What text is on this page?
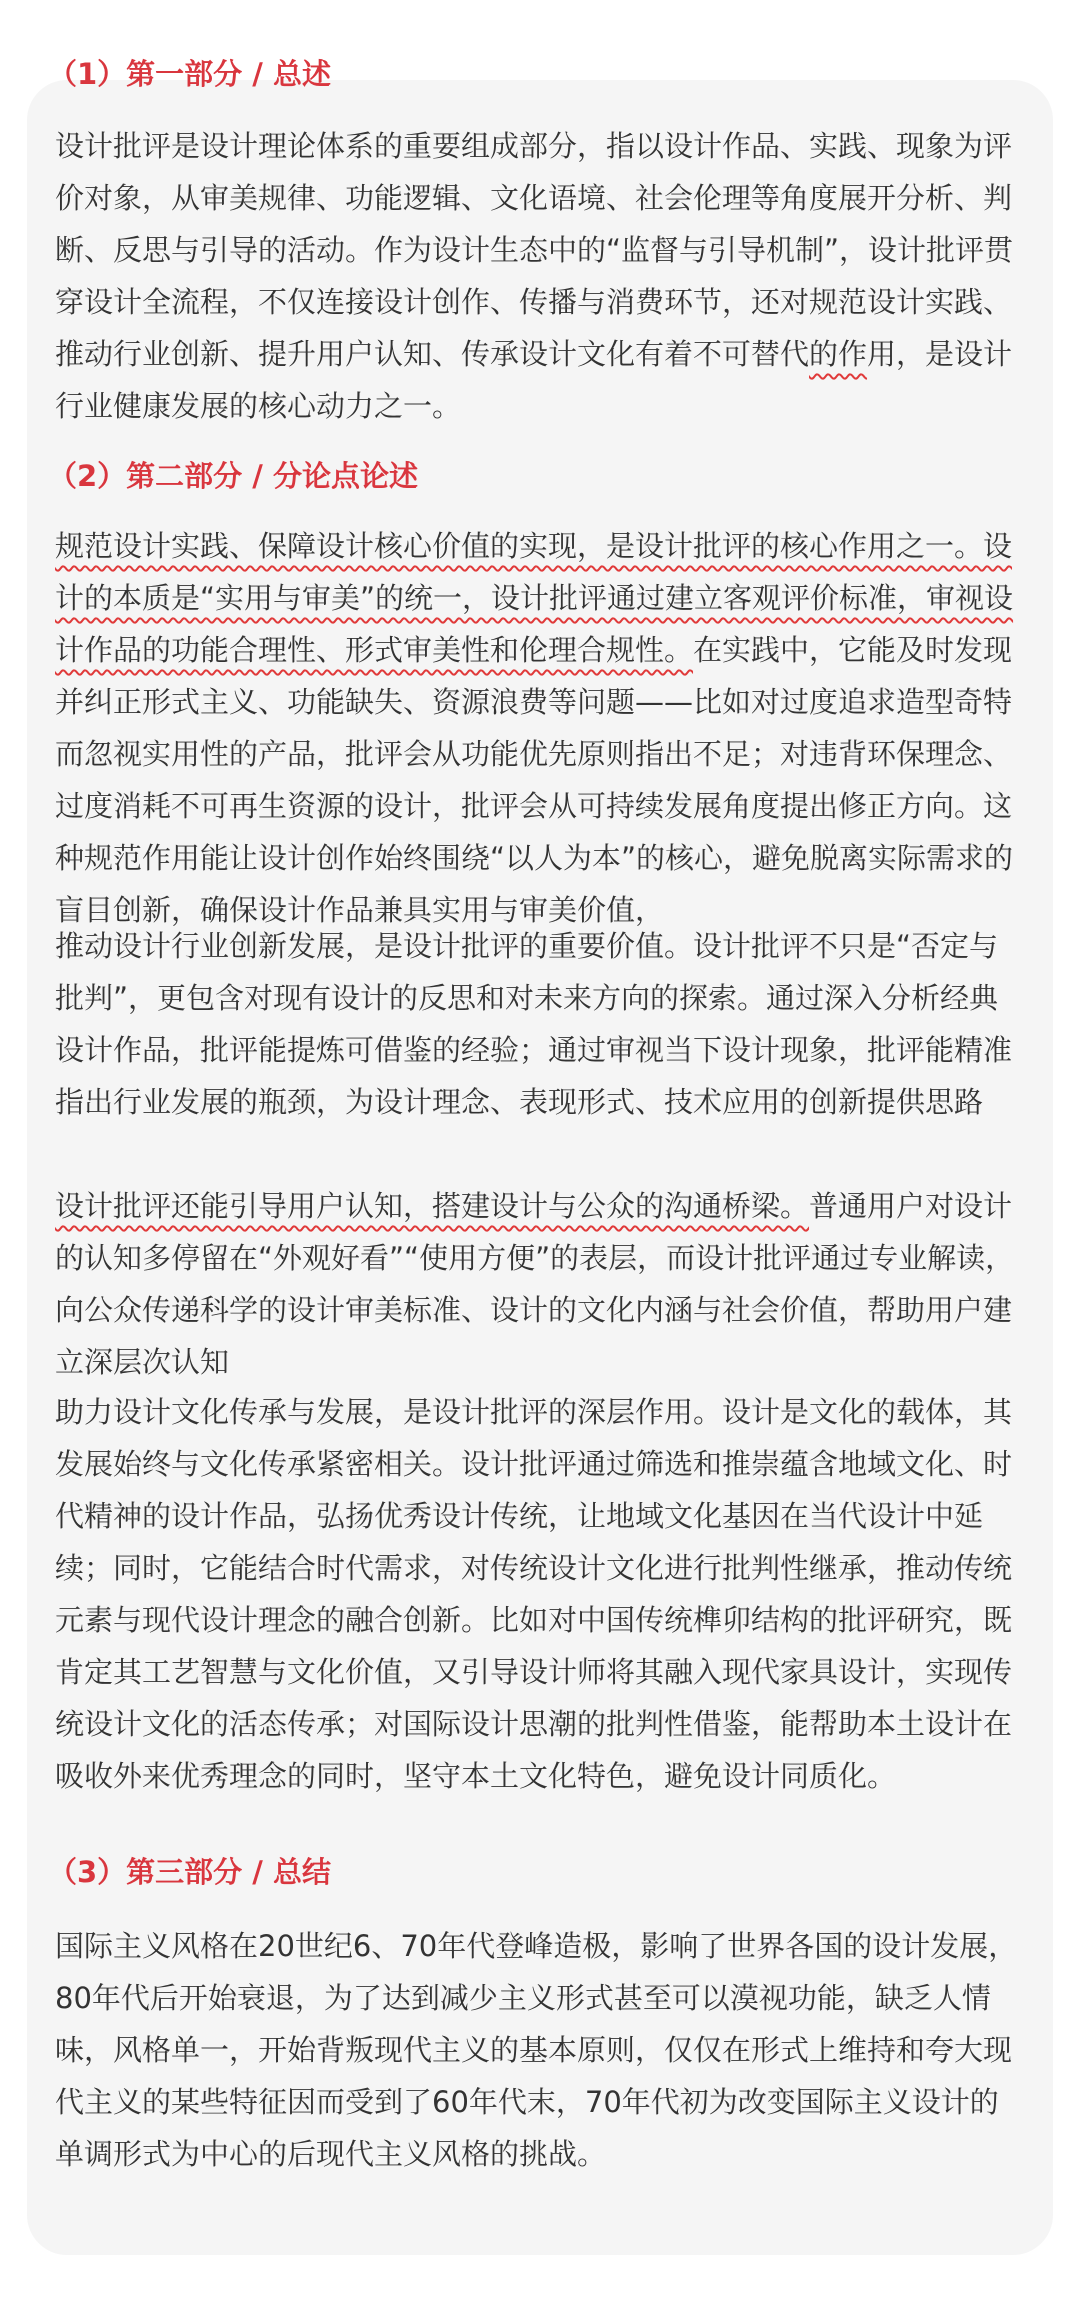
（1）第一部分 / 总述

设计批评是设计理论体系的重要组成部分，指以设计作品、实践、现象为评价对象，从审美规律、功能逻辑、文化语境、社会伦理等角度展开分析、判断、反思与引导的活动。作为设计生态中的“监督与引导机制”，设计批评贯穿设计全流程，不仅连接设计创作、传播与消费环节，还对规范设计实践、推动行业创新、提升用户认知、传承设计文化有着不可替代的作用，是设计行业健康发展的核心动力之一。

（2）第二部分 / 分论点论述

规范设计实践、保障设计核心价值的实现，是设计批评的核心作用之一。设计的本质是“实用与审美”的统一，设计批评通过建立客观评价标准，审视设计作品的功能合理性、形式审美性和伦理合规性。在实践中，它能及时发现并纠正形式主义、功能缺失、资源浪费等问题——比如对过度追求造型奇特而忽视实用性的产品，批评会从功能优先原则指出不足；对违背环保理念、过度消耗不可再生资源的设计，批评会从可持续发展角度提出修正方向。这种规范作用能让设计创作始终围绕“以人为本”的核心，避免脱离实际需求的盲目创新，确保设计作品兼具实用与审美价值，

推动设计行业创新发展，是设计批评的重要价值。设计批评不只是“否定与批判”，更包含对现有设计的反思和对未来方向的探索。通过深入分析经典设计作品，批评能提炼可借鉴的经验；通过审视当下设计现象，批评能精准指出行业发展的瓶颈，为设计理念、表现形式、技术应用的创新提供思路

设计批评还能引导用户认知，搭建设计与公众的沟通桥梁。普通用户对设计的认知多停留在“外观好看”“使用方便”的表层，而设计批评通过专业解读，向公众传递科学的设计审美标准、设计的文化内涵与社会价值，帮助用户建立深层次认知

助力设计文化传承与发展，是设计批评的深层作用。设计是文化的载体，其发展始终与文化传承紧密相关。设计批评通过筛选和推崇蕴含地域文化、时代精神的设计作品，弘扬优秀设计传统，让地域文化基因在当代设计中延续；同时，它能结合时代需求，对传统设计文化进行批判性继承，推动传统元素与现代设计理念的融合创新。比如对中国传统榫卯结构的批评研究，既肯定其工艺智慧与文化价值，又引导设计师将其融入现代家具设计，实现传统设计文化的活态传承；对国际设计思潮的批判性借鉴，能帮助本土设计在吸收外来优秀理念的同时，坚守本土文化特色，避免设计同质化。

（3）第三部分 / 总结

国际主义风格在20世纪6、70年代登峰造极，影响了世界各国的设计发展，80年代后开始衰退，为了达到减少主义形式甚至可以漠视功能，缺乏人情味，风格单一，开始背叛现代主义的基本原则，仅仅在形式上维持和夸大现代主义的某些特征因而受到了60年代末，70年代初为改变国际主义设计的单调形式为中心的后现代主义风格的挑战。
